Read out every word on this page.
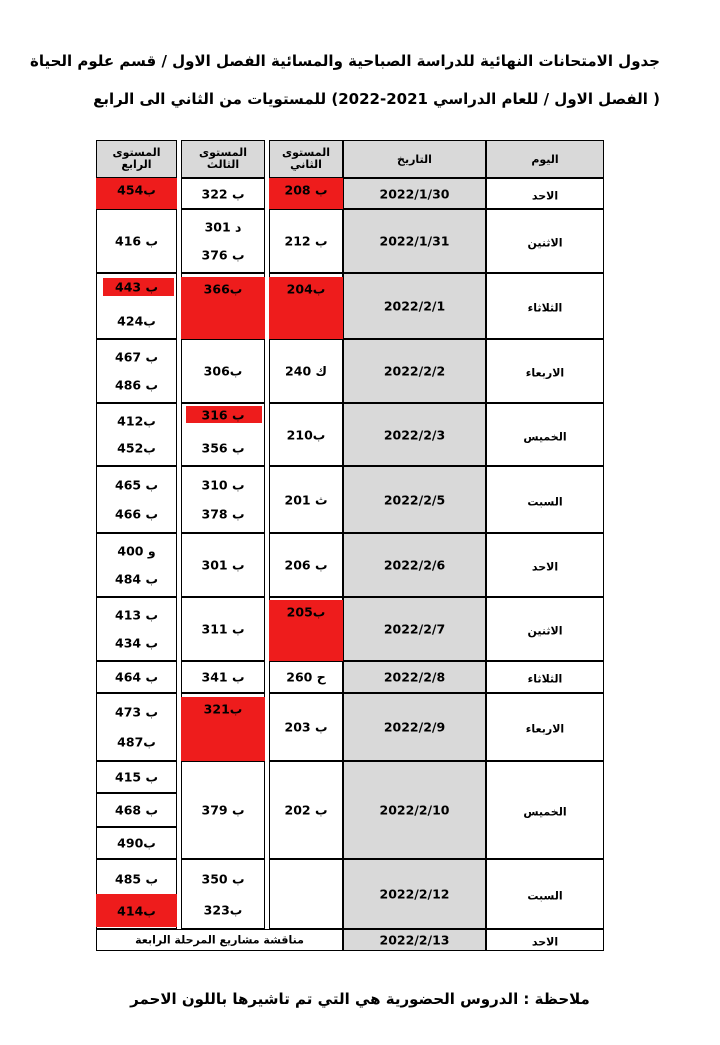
جدول الامتحانات النهائية للدراسة الصباحية والمسائية الفصل الاول / قسم علوم الحياة
( الفصل الاول / للعام الدراسي 2021-2022) للمستويات من الثاني الى الرابع
اليوم
التاريخ
المستوى الثاني
المستوى الثالث
المستوى الرابع
الاحد
2022/1/30
ب 208
ب 322
ب454
الاثنين
2022/1/31
ب 212
د 301
ب 376
ب 416
الثلاثاء
2022/2/1
ب204
ب366
ب 443
ب424
الاربعاء
2022/2/2
ك 240
ب306
ب 467
ب 486
الخميس
2022/2/3
ب210
ب 316
ب 356
ب412
ب452
السبت
2022/2/5
ث 201
ب 310
ب 378
ب 465
ب 466
الاحد
2022/2/6
ب 206
ب 301
و 400
ب 484
الاثنين
2022/2/7
ب205
ب 311
ب 413
ب 434
الثلاثاء
2022/2/8
ح 260
ب 341
ب 464
الاربعاء
2022/2/9
ب 203
ب321
ب 473
ب487
الخميس
2022/2/10
ب 202
ب 379
ب 415
ب 468
ب490
السبت
2022/2/12
ب 350
ب323
ب 485
ب414
الاحد
2022/2/13
مناقشة مشاريع المرحلة الرابعة
ملاحظة : الدروس الحضورية هي التي تم تاشيرها باللون الاحمر
